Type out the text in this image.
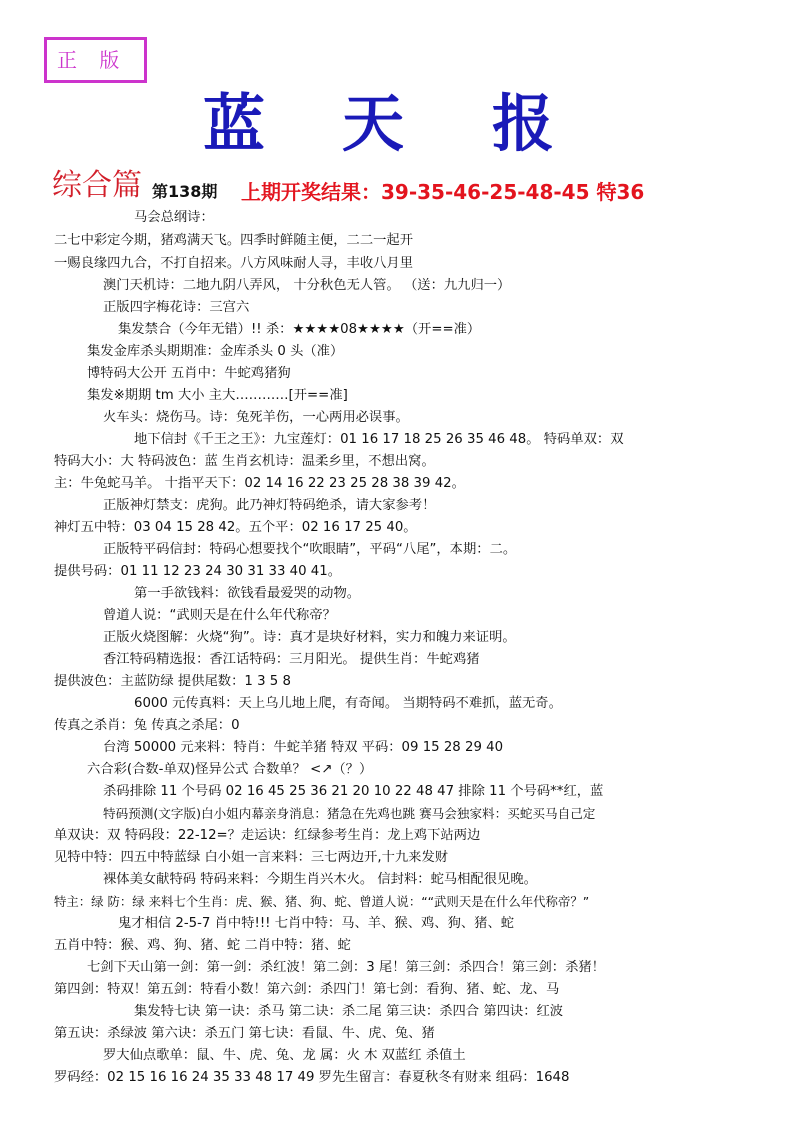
正 版
蓝 天 报
综合篇 第138期 上期开奖结果：39-35-46-25-48-45 特36
马会总纲诗：
二七中彩定今期，猪鸡满天飞。四季时鲜随主便，二二一起开
一赐良缘四九合，不打自招来。八方风味耐人寻，丰收八月里
澳门天机诗：二地九阴八弄风， 十分秋色无人管。 （送：九九归一）
正版四字梅花诗：三宫六
集发禁合（今年无错）!! 杀：★★★★08★★★★（开==准）
集发金库杀头期期准：金库杀头 0 头（准）
博特码大公开 五肖中：牛蛇鸡猪狗
集发※期期 tm 大小 主大…………[开==准]
火车头：烧伤马。诗：兔死羊伤，一心两用必误事。
地下信封《千王之王》：九宝莲灯：01 16 17 18 25 26 35 46 48。 特码单双：双
特码大小：大 特码波色：蓝 生肖玄机诗：温柔乡里，不想出窝。
主：牛兔蛇马羊。 十指平天下：02 14 16 22 23 25 28 38 39 42。
正版神灯禁支：虎狗。此乃神灯特码绝杀，请大家参考！
神灯五中特：03 04 15 28 42。五个平：02 16 17 25 40。
正版特平码信封：特码心想要找个“吹眼睛”，平码“八尾”，本期：二。
提供号码：01 11 12 23 24 30 31 33 40 41。
第一手欲钱料：欲钱看最爱哭的动物。
曾道人说：“武则天是在什么年代称帝？
正版火烧图解：火烧“狗”。诗：真才是块好材料，实力和魄力来证明。
香江特码精选报：香江话特码：三月阳光。 提供生肖：牛蛇鸡猪
提供波色：主蓝防绿 提供尾数：1 3 5 8
6000 元传真料：天上乌儿地上爬，有奇闻。 当期特码不难抓，蓝无奇。
传真之杀肖：兔 传真之杀尾：0
台湾 50000 元来料：特肖：牛蛇羊猪 特双 平码：09 15 28 29 40
六合彩(合数-单双)怪异公式 合数单？ <↗（？）
杀码排除 11 个号码 02 16 45 25 36 21 20 10 22 48 47 排除 11 个号码**红，蓝
特码预测(文字版)白小姐内幕亲身消息：猪急在先鸡也跳 赛马会独家料：买蛇买马自己定
单双诀：双 特码段：22-12=？走运诀：红绿参考生肖：龙上鸡下站两边
见特中特：四五中特蓝绿 白小姐一言来料：三七两边开,十九来发财
裸体美女献特码 特码来料：今期生肖兴木火。 信封料：蛇马相配很见晚。
特主：绿 防：绿 来料七个生肖：虎、猴、猪、狗、蛇、曾道人说：““武则天是在什么年代称帝？”
鬼才相信 2-5-7 肖中特!!! 七肖中特：马、羊、猴、鸡、狗、猪、蛇
五肖中特：猴、鸡、狗、猪、蛇 二肖中特：猪、蛇
七剑下天山第一剑：第一剑：杀红波！第二剑：3 尾！第三剑：杀四合！第三剑：杀猪！
第四剑：特双！第五剑：特看小数！第六剑：杀四门！第七剑：看狗、猪、蛇、龙、马
集发特七诀 第一诀：杀马 第二诀：杀二尾 第三诀：杀四合 第四诀：红波
第五诀：杀绿波 第六诀：杀五门 第七诀：看鼠、牛、虎、兔、猪
罗大仙点歌单：鼠、牛、虎、兔、龙 属：火 木 双蓝红 杀值土
罗码经：02 15 16 16 24 35 33 48 17 49 罗先生留言：春夏秋冬有财来 组码：1648
